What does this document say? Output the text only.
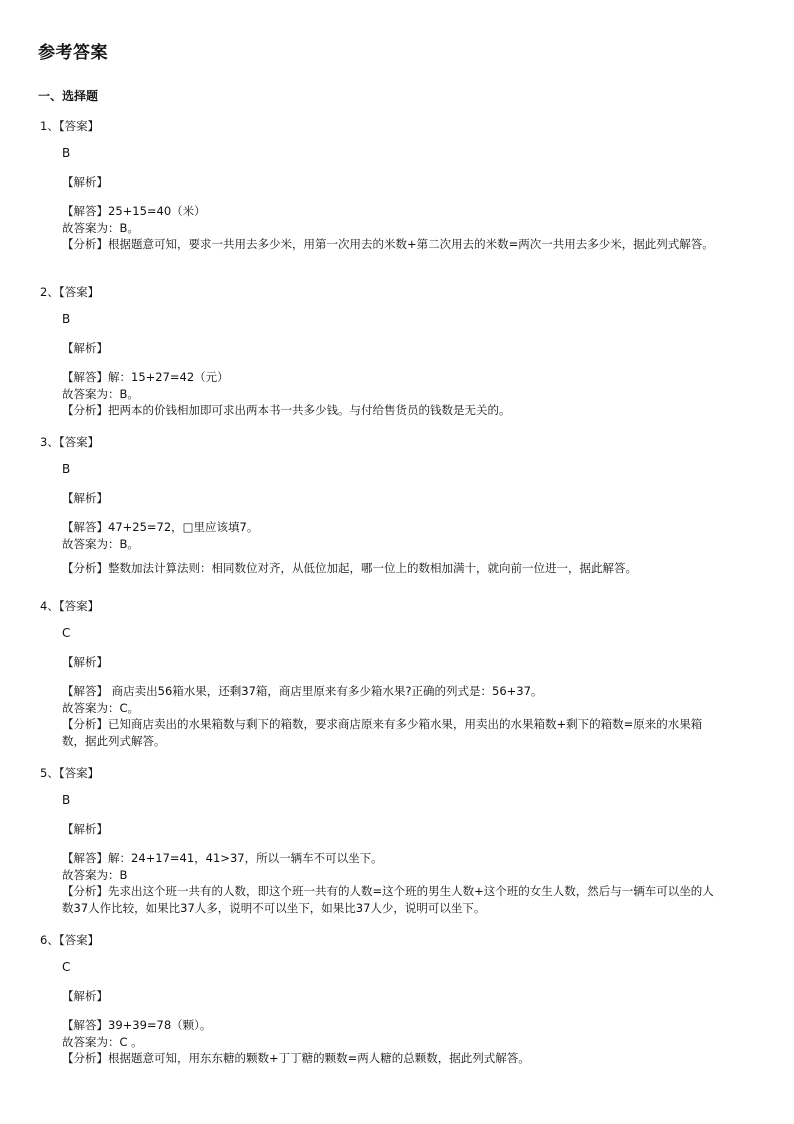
参考答案
一、选择题
1、【答案】
B
【解析】
【解答】25+15=40（米）
故答案为：B。
【分析】根据题意可知，要求一共用去多少米，用第一次用去的米数+第二次用去的米数=两次一共用去多少米，据此列式解答。
2、【答案】
B
【解析】
【解答】解：15+27=42（元）
故答案为：B。
【分析】把两本的价钱相加即可求出两本书一共多少钱。与付给售货员的钱数是无关的。
3、【答案】
B
【解析】
【解答】47+25=72，□里应该填7。
故答案为：B。
【分析】整数加法计算法则：相同数位对齐，从低位加起，哪一位上的数相加满十，就向前一位进一，据此解答。
4、【答案】
C
【解析】
【解答】 商店卖出56箱水果，还剩37箱，商店里原来有多少箱水果?正确的列式是：56+37。
故答案为：C。
【分析】已知商店卖出的水果箱数与剩下的箱数，要求商店原来有多少箱水果，用卖出的水果箱数+剩下的箱数=原来的水果箱数，据此列式解答。
5、【答案】
B
【解析】
【解答】解：24+17=41，41>37，所以一辆车不可以坐下。
故答案为：B
【分析】先求出这个班一共有的人数，即这个班一共有的人数=这个班的男生人数+这个班的女生人数，然后与一辆车可以坐的人数37人作比较，如果比37人多，说明不可以坐下，如果比37人少，说明可以坐下。
6、【答案】
C
【解析】
【解答】39+39=78（颗）。
故答案为：C 。
【分析】根据题意可知，用东东糖的颗数+丁丁糖的颗数=两人糖的总颗数，据此列式解答。
